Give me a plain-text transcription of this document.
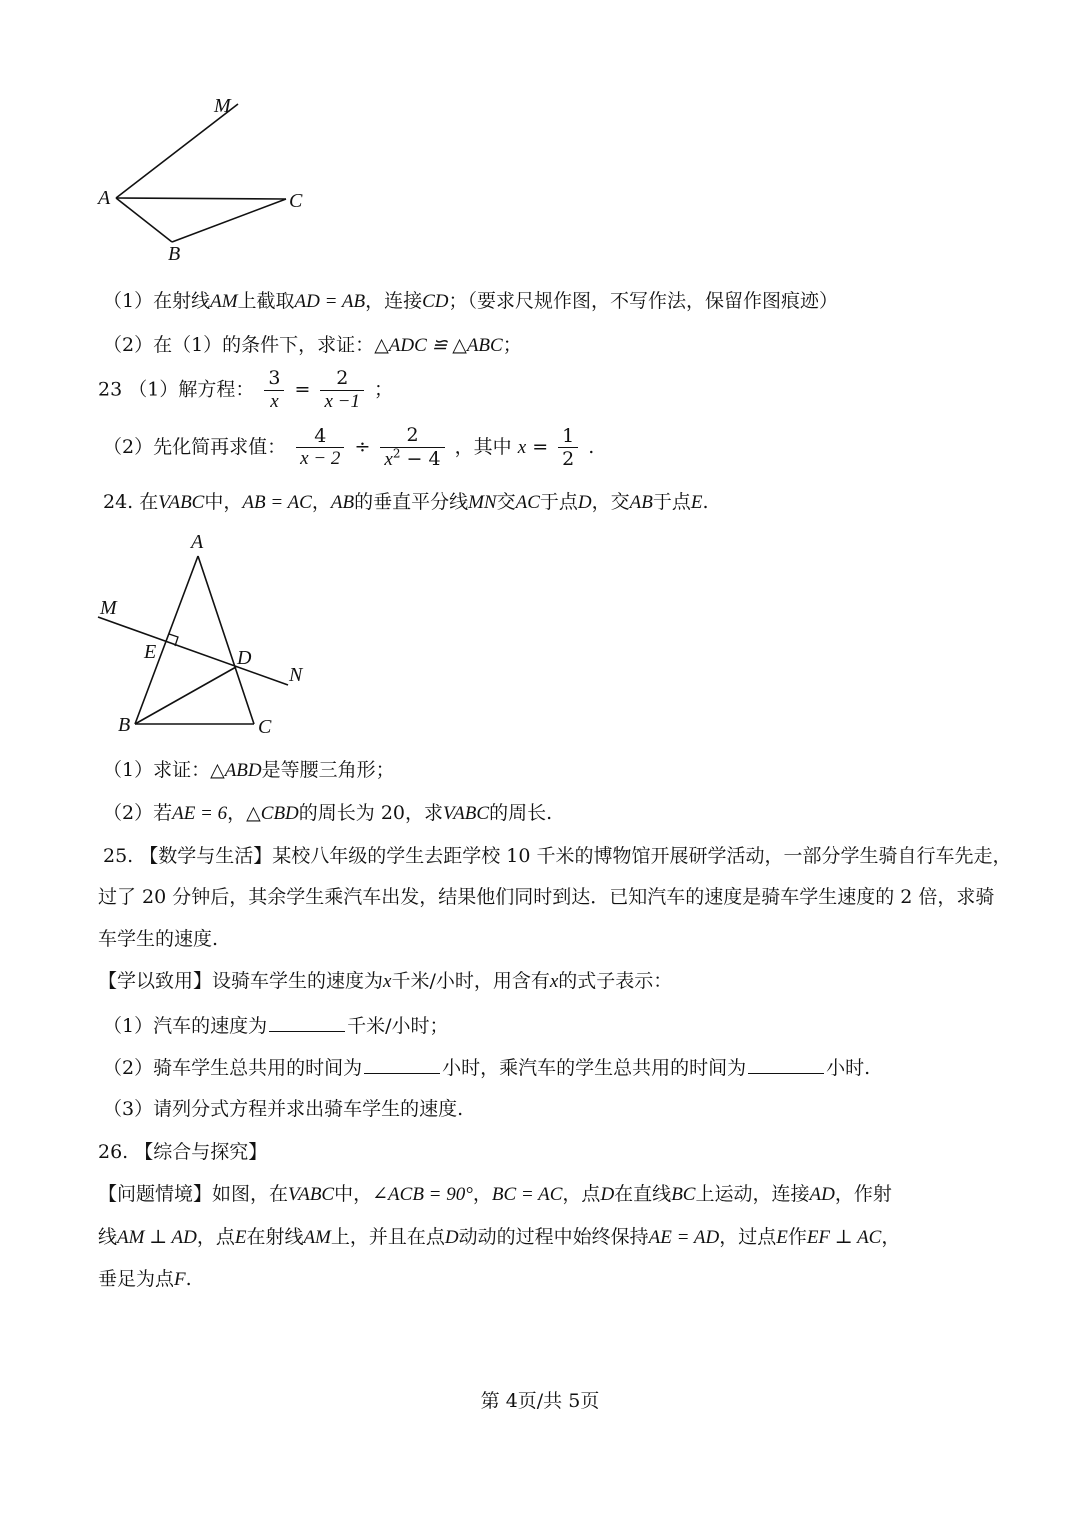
M
A	C
B
（1）在射线AM上截取AD = AB，连接CD；（要求尺规作图，不写作法，保留作图痕迹）
（2）在（1）的条件下，求证：△ADC ≌ △ABC；
23 （1）解方程： $\frac{3}{x} = \frac{2}{x -1}$ ；
（2）先化简再求值： $\frac{4}{x - 2} \div \frac{2}{x^2 - 4}$ ，其中 $x = \frac{1}{2}$ .
24. 在VABC中，AB = AC，AB的垂直平分线MN交AC于点D，交AB于点E.
A
M
E	D
N
B	C
（1）求证：△ABD是等腰三角形；
（2）若AE = 6，△CBD的周长为 20，求VABC的周长.
25. 【数学与生活】某校八年级的学生去距学校 10 千米的博物馆开展研学活动，一部分学生骑自行车先走，
过了 20 分钟后，其余学生乘汽车出发，结果他们同时到达．已知汽车的速度是骑车学生速度的 2 倍，求骑
车学生的速度.
【学以致用】设骑车学生的速度为x千米/小时，用含有x的式子表示：
（1）汽车的速度为	千米/小时；
（2）骑车学生总共用的时间为	小时，乘汽车的学生总共用的时间为	小时.
（3）请列分式方程并求出骑车学生的速度.
26. 【综合与探究】
【问题情境】如图，在VABC中，∠ACB = 90°，BC = AC，点D在直线BC上运动，连接AD，作射
线AM ⊥ AD，点E在射线AM上，并且在点D动动的过程中始终保持AE = AD，过点E作EF ⊥ AC，
垂足为点F.
第 4页/共 5页
